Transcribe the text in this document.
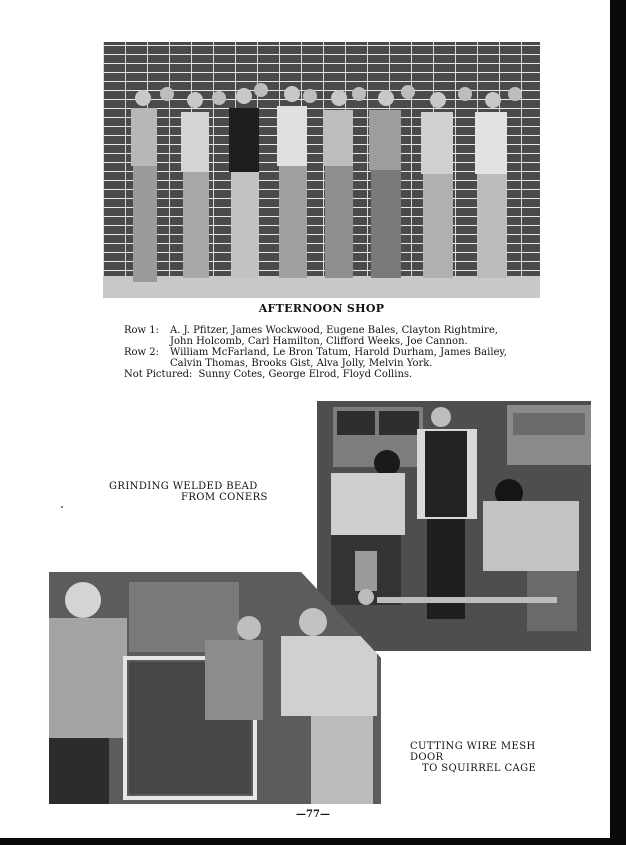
AFTERNOON SHOP
Row 1:	A. J. Pfitzer, James Wockwood, Eugene Bales, Clayton Rightmire,
John Holcomb, Carl Hamilton, Clifford Weeks, Joe Cannon.
Row 2:	William McFarland, Le Bron Tatum, Harold Durham, James Bailey,
Calvin Thomas, Brooks Gist, Alva Jolly, Melvin York.
Not Pictured: Sunny Cotes, George Elrod, Floyd Collins.
GRINDING WELDED BEAD
FROM CONERS
CUTTING WIRE MESH DOOR
TO SQUIRREL CAGE
—77—
